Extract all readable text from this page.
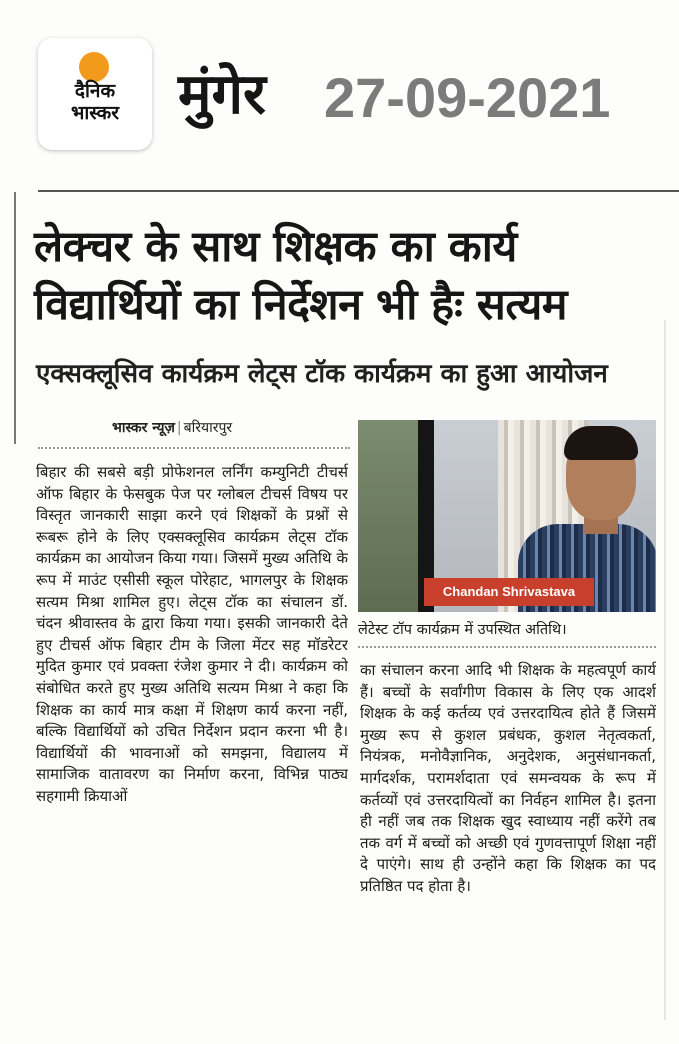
दैनिक
भास्कर	मुंगेर 27-09-2021
लेक्चर के साथ शिक्षक का कार्य
विद्यार्थियों का निर्देशन भी हैः सत्यम
एक्सक्लूसिव कार्यक्रम लेट्स टॉक कार्यक्रम का हुआ आयोजन
भास्कर न्यूज़ | बरियारपुर
बिहार की सबसे बड़ी प्रोफेशनल लर्निंग कम्युनिटी टीचर्स ऑफ बिहार के फेसबुक पेज पर ग्लोबल टीचर्स विषय पर विस्तृत जानकारी साझा करने एवं शिक्षकों के प्रश्नों से रूबरू होने के लिए एक्सक्लूसिव कार्यक्रम लेट्स टॉक कार्यक्रम का आयोजन किया गया। जिसमें मुख्य अतिथि के रूप में माउंट एसीसी स्कूल पोरेहाट, भागलपुर के शिक्षक सत्यम मिश्रा शामिल हुए। लेट्स टॉक का संचालन डॉ. चंदन श्रीवास्तव के द्वारा किया गया। इसकी जानकारी देते हुए टीचर्स ऑफ बिहार टीम के जिला मेंटर सह मॉडरेटर मुदित कुमार एवं प्रवक्ता रंजेश कुमार ने दी। कार्यक्रम को संबोधित करते हुए मुख्य अतिथि सत्यम मिश्रा ने कहा कि शिक्षक का कार्य मात्र कक्षा में शिक्षण कार्य करना नहीं, बल्कि विद्यार्थियों को उचित निर्देशन प्रदान करना भी है। विद्यार्थियों की भावनाओं को समझना, विद्यालय में सामाजिक वातावरण का निर्माण करना, विभिन्न पाठ्य सहगामी क्रियाओं
Chandan Shrivastava
लेटेस्ट टॉप कार्यक्रम में उपस्थित अतिथि।
का संचालन करना आदि भी शिक्षक के महत्वपूर्ण कार्य हैं। बच्चों के सर्वांगीण विकास के लिए एक आदर्श शिक्षक के कई कर्तव्य एवं उत्तरदायित्व होते हैं जिसमें मुख्य रूप से कुशल प्रबंधक, कुशल नेतृत्वकर्ता, नियंत्रक, मनोवैज्ञानिक, अनुदेशक, अनुसंधानकर्ता, मार्गदर्शक, परामर्शदाता एवं समन्वयक के रूप में कर्तव्यों एवं उत्तरदायित्वों का निर्वहन शामिल है। इतना ही नहीं जब तक शिक्षक खुद स्वाध्याय नहीं करेंगे तब तक वर्ग में बच्चों को अच्छी एवं गुणवत्तापूर्ण शिक्षा नहीं दे पाएंगे। साथ ही उन्होंने कहा कि शिक्षक का पद प्रतिष्ठित पद होता है।
